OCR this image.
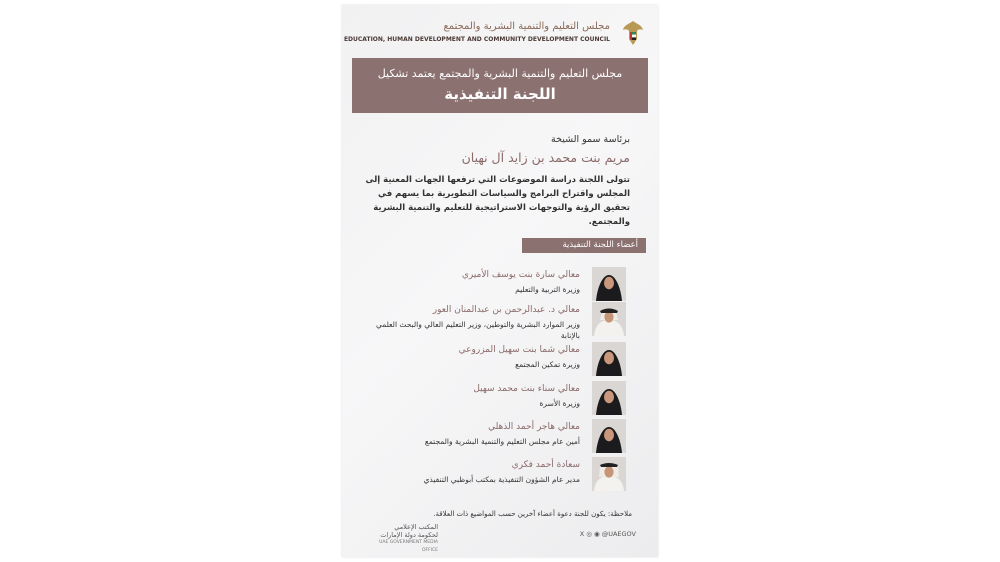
مجلس التعليم والتنمية البشرية والمجتمع
EDUCATION, HUMAN DEVELOPMENT AND COMMUNITY DEVELOPMENT COUNCIL
مجلس التعليم والتنمية البشرية والمجتمع يعتمد تشكيل
اللجنة التنفيذية
برئاسة سمو الشيخة
مريم بنت محمد بن زايد آل نهيان
تتولى اللجنة دراسة الموضوعات التي ترفعها الجهات المعنية إلى المجلس واقتراح البرامج والسياسات التطويرية بما يسهم في تحقيق الرؤية والتوجهات الاستراتيجية للتعليم والتنمية البشرية والمجتمع.
أعضاء اللجنة التنفيذية
معالي سارة بنت يوسف الأميري
وزيرة التربية والتعليم
معالي د. عبدالرحمن بن عبدالمنان العور
وزير الموارد البشرية والتوطين، وزير التعليم العالي والبحث العلمي بالإنابة
معالي شما بنت سهيل المزروعي
وزيرة تمكين المجتمع
معالي سناء بنت محمد سهيل
وزيرة الأسرة
معالي هاجر أحمد الذهلي
أمين عام مجلس التعليم والتنمية البشرية والمجتمع
سعادة أحمد فكري
مدير عام الشؤون التنفيذية بمكتب أبوظبي التنفيذي
ملاحظة: يكون للجنة دعوة أعضاء آخرين حسب المواضيع ذات العلاقة.
المكتب الإعلامي
لحكومة دولة الإمارات
UAE GOVERNMENT MEDIA OFFICE
X ◎ ◉ @UAEGOV
